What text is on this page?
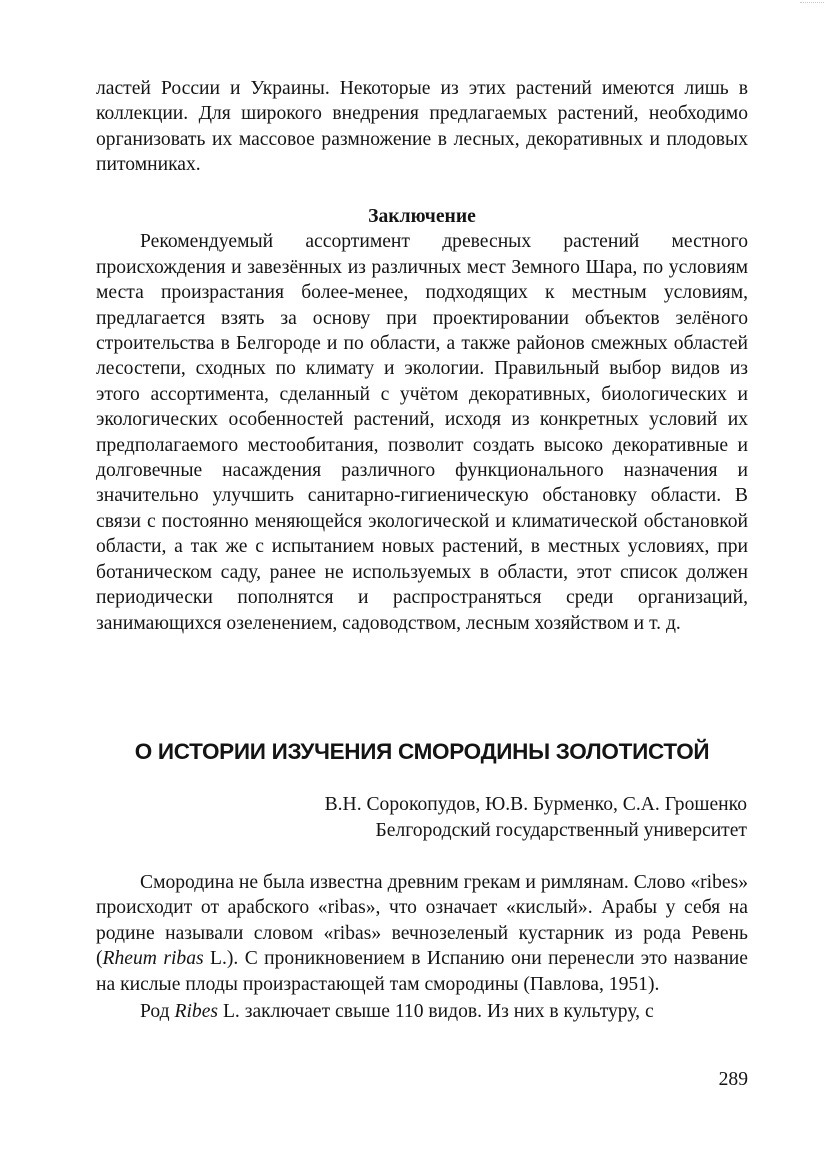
ластей России и Украины. Некоторые из этих растений имеются лишь в коллекции. Для широкого внедрения предлагаемых растений, необходимо организовать их массовое размножение в лесных, декоративных и плодовых питомниках.

Заключение

Рекомендуемый ассортимент древесных растений местного происхождения и завезённых из различных мест Земного Шара, по условиям места произрастания более-менее, подходящих к местным условиям, предлагается взять за основу при проектировании объектов зелёного строительства в Белгороде и по области, а также районов смежных областей лесостепи, сходных по климату и экологии. Правильный выбор видов из этого ассортимента, сделанный с учётом декоративных, биологических и экологических особенностей растений, исходя из конкретных условий их предполагаемого местообитания, позволит создать высоко декоративные и долговечные насаждения различного функционального назначения и значительно улучшить санитарно-гигиеническую обстановку области. В связи с постоянно меняющейся экологической и климатической обстановкой области, а так же с испытанием новых растений, в местных условиях, при ботаническом саду, ранее не используемых в области, этот список должен периодически пополнятся и распространяться среди организаций, занимающихся озеленением, садоводством, лесным хозяйством и т. д.

О ИСТОРИИ ИЗУЧЕНИЯ СМОРОДИНЫ ЗОЛОТИСТОЙ

В.Н. Сорокопудов, Ю.В. Бурменко, С.А. Грошенко

Белгородский государственный университет

Смородина не была известна древним грекам и римлянам. Слово «ribes» происходит от арабского «ribas», что означает «кислый». Арабы у себя на родине называли словом «ribas» вечнозеленый кустарник из рода Ревень (Rheum ribas L.). С проникновением в Испанию они перенесли это название на кислые плоды произрастающей там смородины (Павлова, 1951).

Род Ribes L. заключает свыше 110 видов. Из них в культуру, с

289
